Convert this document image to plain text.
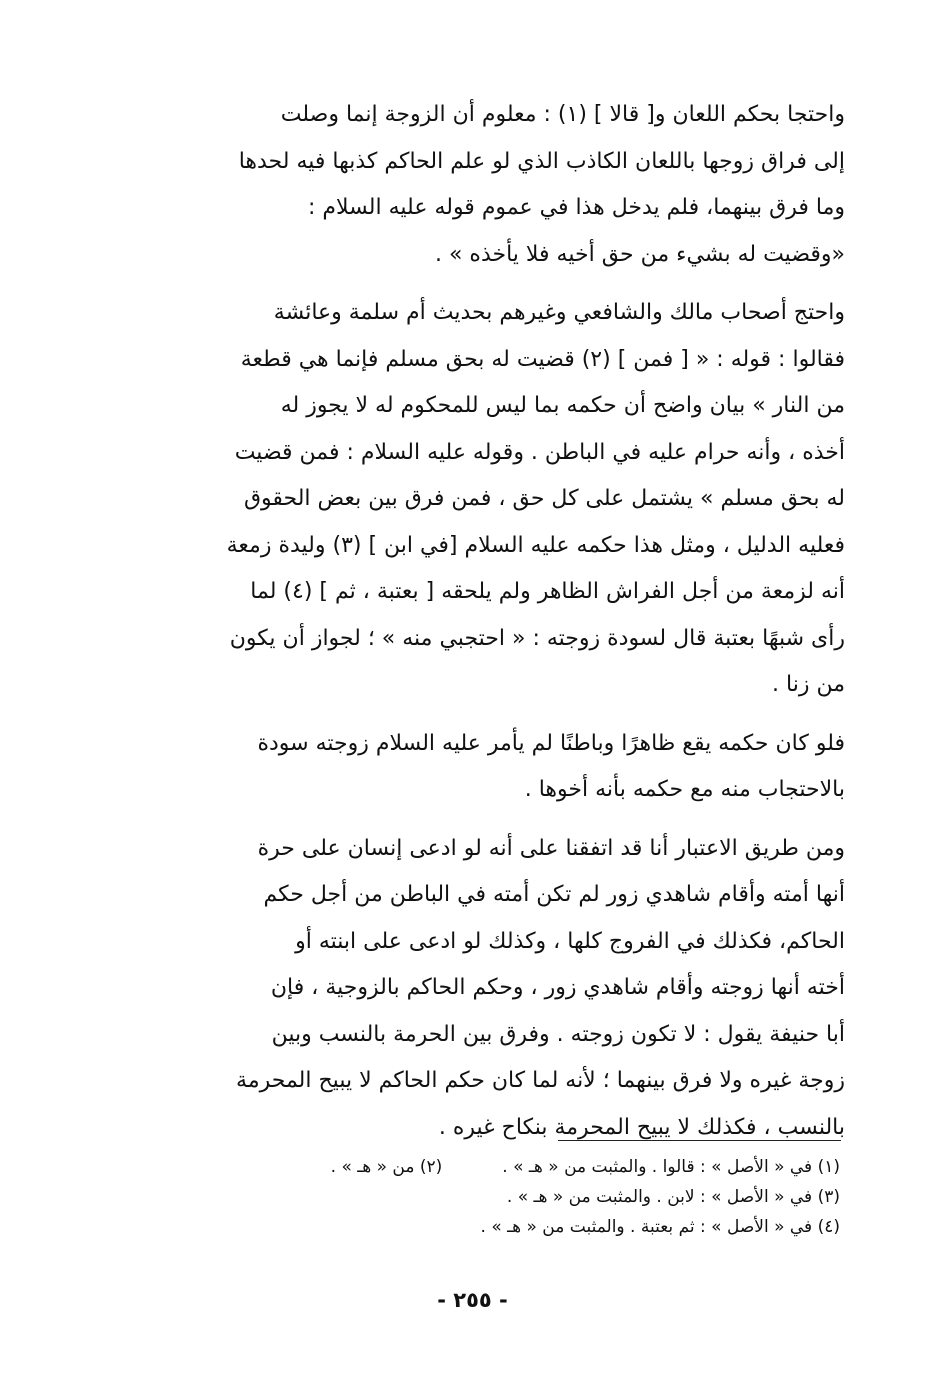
واحتجا بحكم اللعان و[ قالا ] (١) : معلوم أن الزوجة إنما وصلت

إلى فراق زوجها باللعان الكاذب الذي لو علم الحاكم كذبها فيه لحدها

وما فرق بينهما، فلم يدخل هذا في عموم قوله عليه السلام :

«وقضيت له بشيء من حق أخيه فلا يأخذه » .

واحتج أصحاب مالك والشافعي وغيرهم بحديث أم سلمة وعائشة

فقالوا : قوله : « [ فمن ] (٢) قضيت له بحق مسلم فإنما هي قطعة

من النار » بيان واضح أن حكمه بما ليس للمحكوم له لا يجوز له

أخذه ، وأنه حرام عليه في الباطن . وقوله عليه السلام : فمن قضيت

له بحق مسلم » يشتمل على كل حق ، فمن فرق بين بعض الحقوق

فعليه الدليل ، ومثل هذا حكمه عليه السلام [في ابن ] (٣) وليدة زمعة

أنه لزمعة من أجل الفراش الظاهر ولم يلحقه [ بعتبة ، ثم ] (٤) لما

رأى شبهًا بعتبة قال لسودة زوجته : « احتجبي منه » ؛ لجواز أن يكون

من زنا .

فلو كان حكمه يقع ظاهرًا وباطنًا لم يأمر عليه السلام زوجته سودة

بالاحتجاب منه مع حكمه بأنه أخوها .

ومن طريق الاعتبار أنا قد اتفقنا على أنه لو ادعى إنسان على حرة

أنها أمته وأقام شاهدي زور لم تكن أمته في الباطن من أجل حكم

الحاكم، فكذلك في الفروج كلها ، وكذلك لو ادعى على ابنته أو

أخته أنها زوجته وأقام شاهدي زور ، وحكم الحاكم بالزوجية ، فإن

أبا حنيفة يقول : لا تكون زوجته . وفرق بين الحرمة بالنسب وبين

زوجة غيره ولا فرق بينهما ؛ لأنه لما كان حكم الحاكم لا يبيح المحرمة

بالنسب ، فكذلك لا يبيح المحرمة بنكاح غيره .

(١) في « الأصل » : قالوا . والمثبت من « هـ » .
(٢) من « هـ » .
(٣) في « الأصل » : لابن . والمثبت من « هـ » .
(٤) في « الأصل » : ثم بعتبة . والمثبت من « هـ » .
- ٢٥٥ -
